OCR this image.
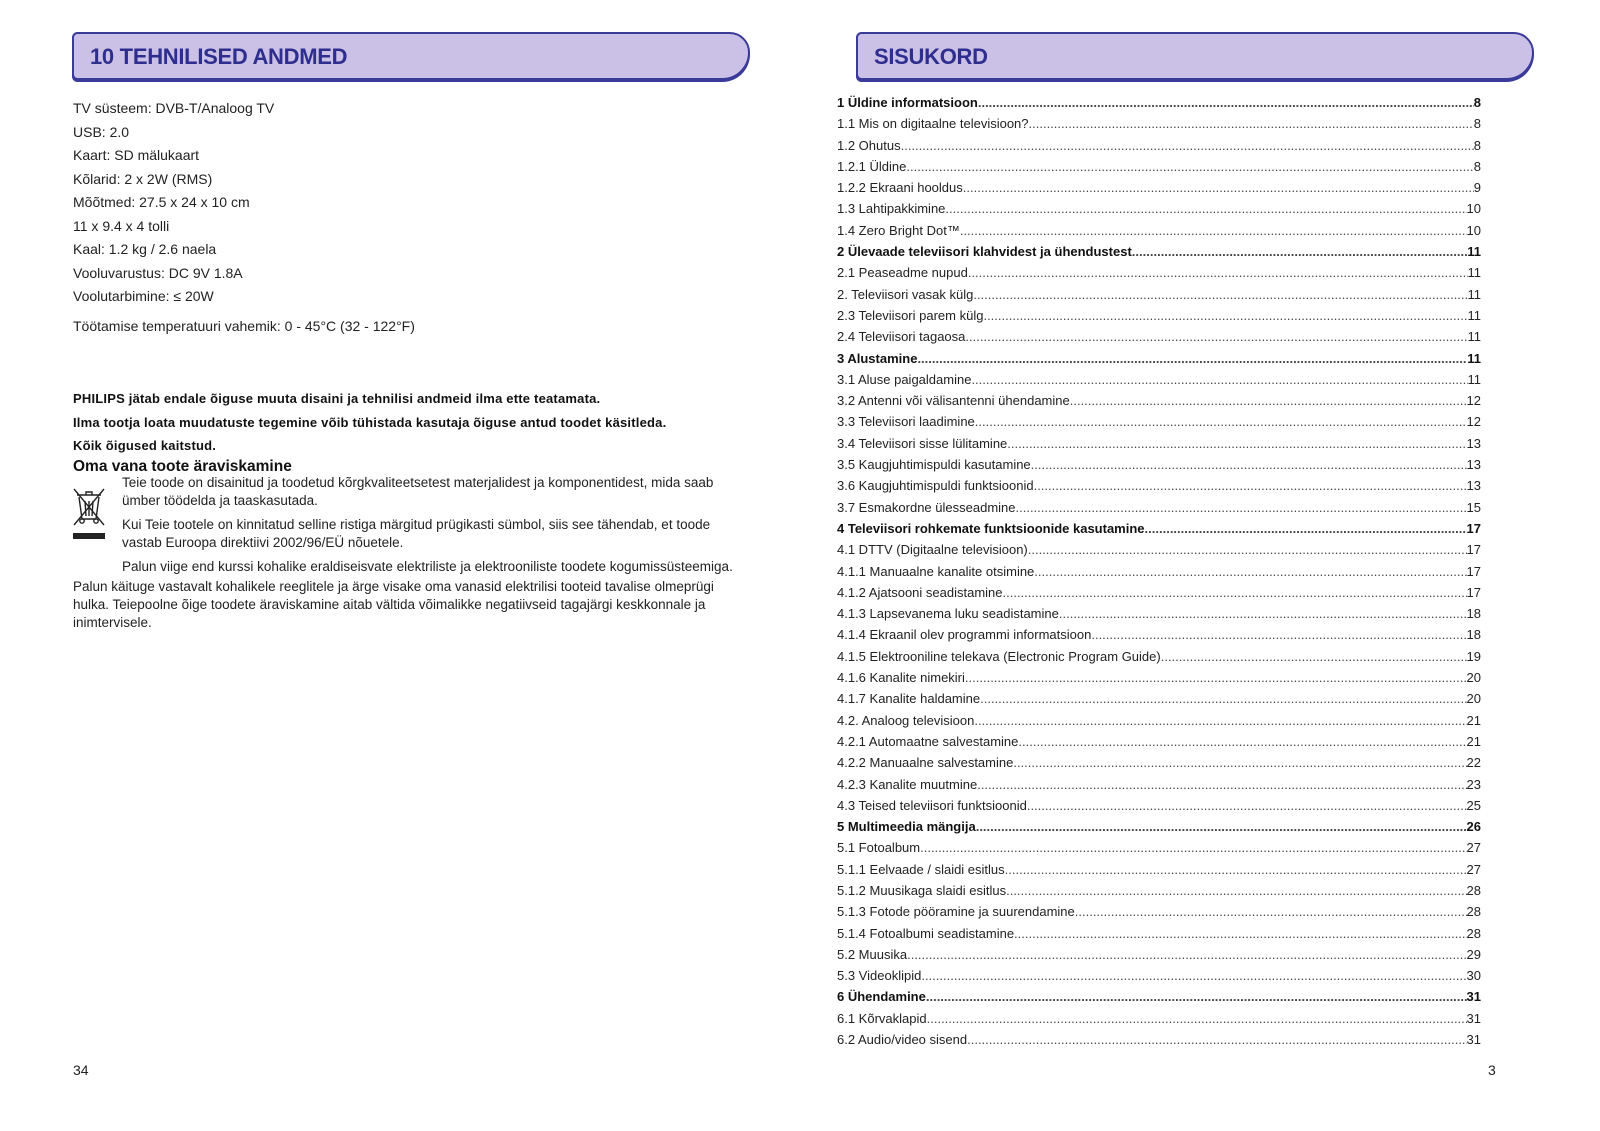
10 TEHNILISED ANDMED
TV süsteem: DVB-T/Analoog TV
USB: 2.0
Kaart: SD mälukaart
Kõlarid: 2 x 2W (RMS)
Mõõtmed: 27.5 x 24 x 10 cm
11 x 9.4 x 4 tolli
Kaal: 1.2 kg / 2.6 naela
Vooluvarustus: DC 9V 1.8A
Voolutarbimine: ≤ 20W
Töötamise temperatuuri vahemik: 0 - 45°C (32 - 122°F)
PHILIPS jätab endale õiguse muuta disaini ja tehnilisi andmeid ilma ette teatamata.
Ilma tootja loata muudatuste tegemine võib tühistada kasutaja õiguse antud toodet käsitleda.
Kõik õigused kaitstud.
Oma vana toote äraviskamine
Teie toode on disainitud ja toodetud kõrgkvaliteetsetest materjalidest ja komponentidest, mida saab ümber töödelda ja taaskasutada.
Kui Teie tootele on kinnitatud selline ristiga märgitud prügikasti sümbol, siis see tähendab, et toode vastab Euroopa direktiivi 2002/96/EÜ nõuetele.
Palun viige end kurssi kohalike eraldiseisvate elektriliste ja elektrooniliste toodete kogumissüsteemiga.
Palun käituge vastavalt kohalikele reeglitele ja ärge visake oma vanasid elektrilisi tooteid tavalise olmeprügi hulka. Teiepoolne õige toodete äraviskamine aitab vältida võimalikke negatiivseid tagajärgi keskkonnale ja inimtervisele.
34
SISUKORD
1 Üldine informatsioon .....	8
1.1 Mis on digitaalne televisioon? .....	8
1.2 Ohutus .....	8
1.2.1 Üldine .....	8
1.2.2 Ekraani hooldus .....	9
1.3 Lahtipakkimine .....	10
1.4 Zero Bright Dot™ .....	10
2 Ülevaade televiisori klahvidest ja ühendustest .....	11
2.1 Peaseadme nupud .....	11
2. Televiisori vasak külg .....	11
2.3 Televiisori parem külg .....	11
2.4 Televiisori tagaosa .....	11
3 Alustamine .....	11
3.1 Aluse paigaldamine .....	11
3.2 Antenni või välisantenni ühendamine .....	12
3.3 Televiisori laadimine .....	12
3.4 Televiisori sisse lülitamine .....	13
3.5 Kaugjuhtimispuldi kasutamine .....	13
3.6 Kaugjuhtimispuldi funktsioonid .....	13
3.7 Esmakordne ülesseadmine .....	15
4 Televiisori rohkemate funktsioonide kasutamine .....	17
4.1 DTTV (Digitaalne televisioon) .....	17
4.1.1 Manuaalne kanalite otsimine .....	17
4.1.2 Ajatsooni seadistamine .....	17
4.1.3 Lapsevanema luku seadistamine .....	18
4.1.4 Ekraanil olev programmi informatsioon .....	18
4.1.5 Elektrooniline telekava (Electronic Program Guide) .....	19
4.1.6 Kanalite nimekiri .....	20
4.1.7 Kanalite haldamine .....	20
4.2. Analoog televisioon .....	21
4.2.1 Automaatne salvestamine .....	21
4.2.2 Manuaalne salvestamine .....	22
4.2.3 Kanalite muutmine .....	23
4.3 Teised televiisori funktsioonid .....	25
5 Multimeedia mängija .....	26
5.1 Fotoalbum .....	27
5.1.1 Eelvaade / slaidi esitlus .....	27
5.1.2 Muusikaga slaidi esitlus .....	28
5.1.3 Fotode pööramine ja suurendamine .....	28
5.1.4 Fotoalbumi seadistamine .....	28
5.2 Muusika .....	29
5.3 Videoklipid .....	30
6 Ühendamine .....	31
6.1 Kõrvaklapid .....	31
6.2 Audio/video sisend .....	31
3
